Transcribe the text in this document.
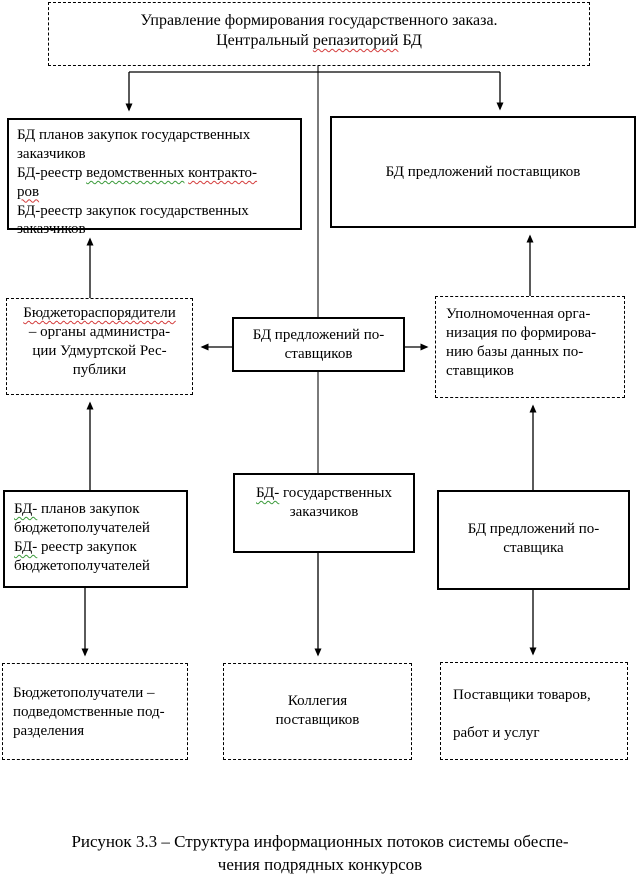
Управление формирования государственного заказа.
Центральный репазиторий БД
БД планов закупок государственных
заказчиков
БД-реестр ведомственных контракто-
ров
БД-реестр закупок государственных
заказчиков
БД предложений поставщиков
Бюджетораспорядители
– органы администра-
ции Удмуртской Рес-
публики
БД предложений по-
ставщиков
Уполномоченная орга-
низация по формирова-
нию базы данных по-
ставщиков
БД- планов закупок
бюджетополучателей
БД- реестр закупок
бюджетополучателей
БД- государственных
заказчиков
БД предложений по-
ставщика
Бюджетополучатели –
подведомственные под-
разделения
Коллегия
поставщиков
Поставщики товаров,

работ и услуг
Рисунок 3.3 – Структура информационных потоков системы обеспе-
чения подрядных конкурсов
